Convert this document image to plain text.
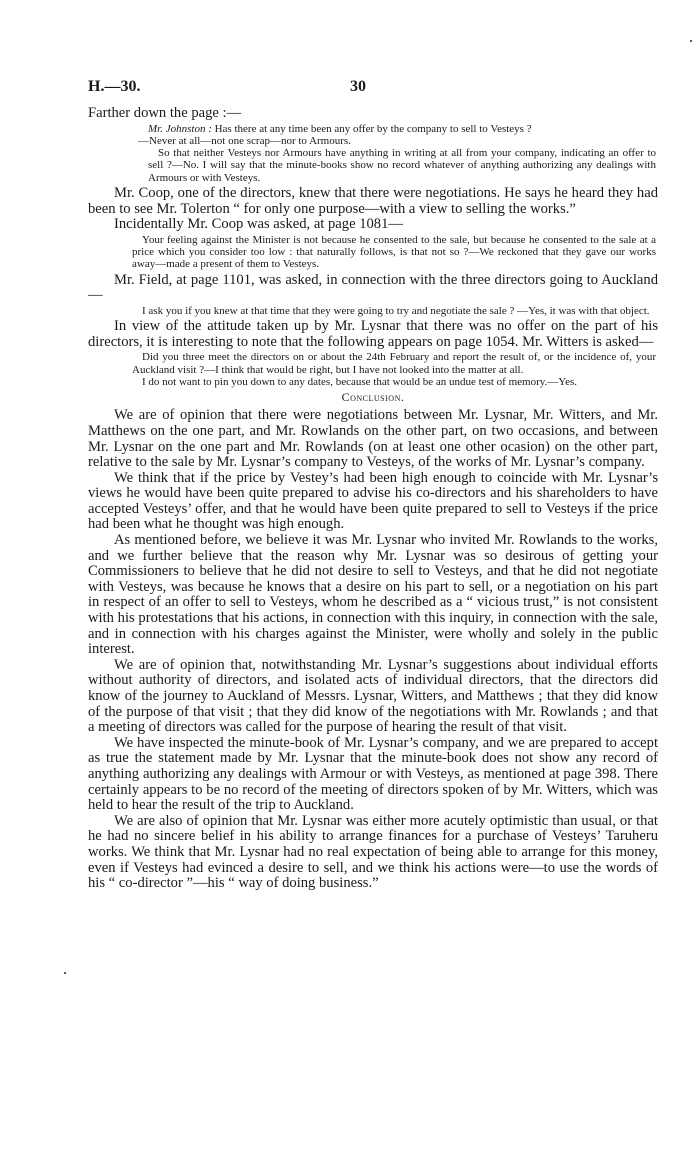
H.—30.	30

Farther down the page :—

Mr. Johnston : Has there at any time been any offer by the company to sell to Vesteys ?

—Never at all—not one scrap—nor to Armours.

So that neither Vesteys nor Armours have anything in writing at all from your company, indicating an offer to sell ?—No. I will say that the minute-books show no record whatever of anything authorizing any dealings with Armours or with Vesteys.

Mr. Coop, one of the directors, knew that there were negotiations. He says he heard they had been to see Mr. Tolerton “ for only one purpose—with a view to selling the works.”

Incidentally Mr. Coop was asked, at page 1081—

Your feeling against the Minister is not because he consented to the sale, but because he consented to the sale at a price which you consider too low : that naturally follows, is that not so ?—We reckoned that they gave our works away—made a present of them to Vesteys.

Mr. Field, at page 1101, was asked, in connection with the three directors going to Auckland—

I ask you if you knew at that time that they were going to try and negotiate the sale ? —Yes, it was with that object.

In view of the attitude taken up by Mr. Lysnar that there was no offer on the part of his directors, it is interesting to note that the following appears on page 1054. Mr. Witters is asked—

Did you three meet the directors on or about the 24th February and report the result of, or the incidence of, your Auckland visit ?—I think that would be right, but I have not looked into the matter at all.

I do not want to pin you down to any dates, because that would be an undue test of memory.—Yes.

Conclusion.

We are of opinion that there were negotiations between Mr. Lysnar, Mr. Witters, and Mr. Matthews on the one part, and Mr. Rowlands on the other part, on two occasions, and between Mr. Lysnar on the one part and Mr. Rowlands (on at least one other ocasion) on the other part, relative to the sale by Mr. Lysnar’s company to Vesteys, of the works of Mr. Lysnar’s company.

We think that if the price by Vestey’s had been high enough to coincide with Mr. Lysnar’s views he would have been quite prepared to advise his co-directors and his shareholders to have accepted Vesteys’ offer, and that he would have been quite prepared to sell to Vesteys if the price had been what he thought was high enough.

As mentioned before, we believe it was Mr. Lysnar who invited Mr. Rowlands to the works, and we further believe that the reason why Mr. Lysnar was so desirous of getting your Commissioners to believe that he did not desire to sell to Vesteys, and that he did not negotiate with Vesteys, was because he knows that a desire on his part to sell, or a negotiation on his part in respect of an offer to sell to Vesteys, whom he described as a “ vicious trust,” is not consistent with his protestations that his actions, in connection with this inquiry, in connection with the sale, and in connection with his charges against the Minister, were wholly and solely in the public interest.

We are of opinion that, notwithstanding Mr. Lysnar’s suggestions about individual efforts without authority of directors, and isolated acts of individual directors, that the directors did know of the journey to Auckland of Messrs. Lysnar, Witters, and Matthews ; that they did know of the purpose of that visit ; that they did know of the negotiations with Mr. Rowlands ; and that a meeting of directors was called for the purpose of hearing the result of that visit.

We have inspected the minute-book of Mr. Lysnar’s company, and we are prepared to accept as true the statement made by Mr. Lysnar that the minute-book does not show any record of anything authorizing any dealings with Armour or with Vesteys, as mentioned at page 398. There certainly appears to be no record of the meeting of directors spoken of by Mr. Witters, which was held to hear the result of the trip to Auckland.

We are also of opinion that Mr. Lysnar was either more acutely optimistic than usual, or that he had no sincere belief in his ability to arrange finances for a purchase of Vesteys’ Taruheru works. We think that Mr. Lysnar had no real expectation of being able to arrange for this money, even if Vesteys had evinced a desire to sell, and we think his actions were—to use the words of his “ co-director ”—his “ way of doing business.”
